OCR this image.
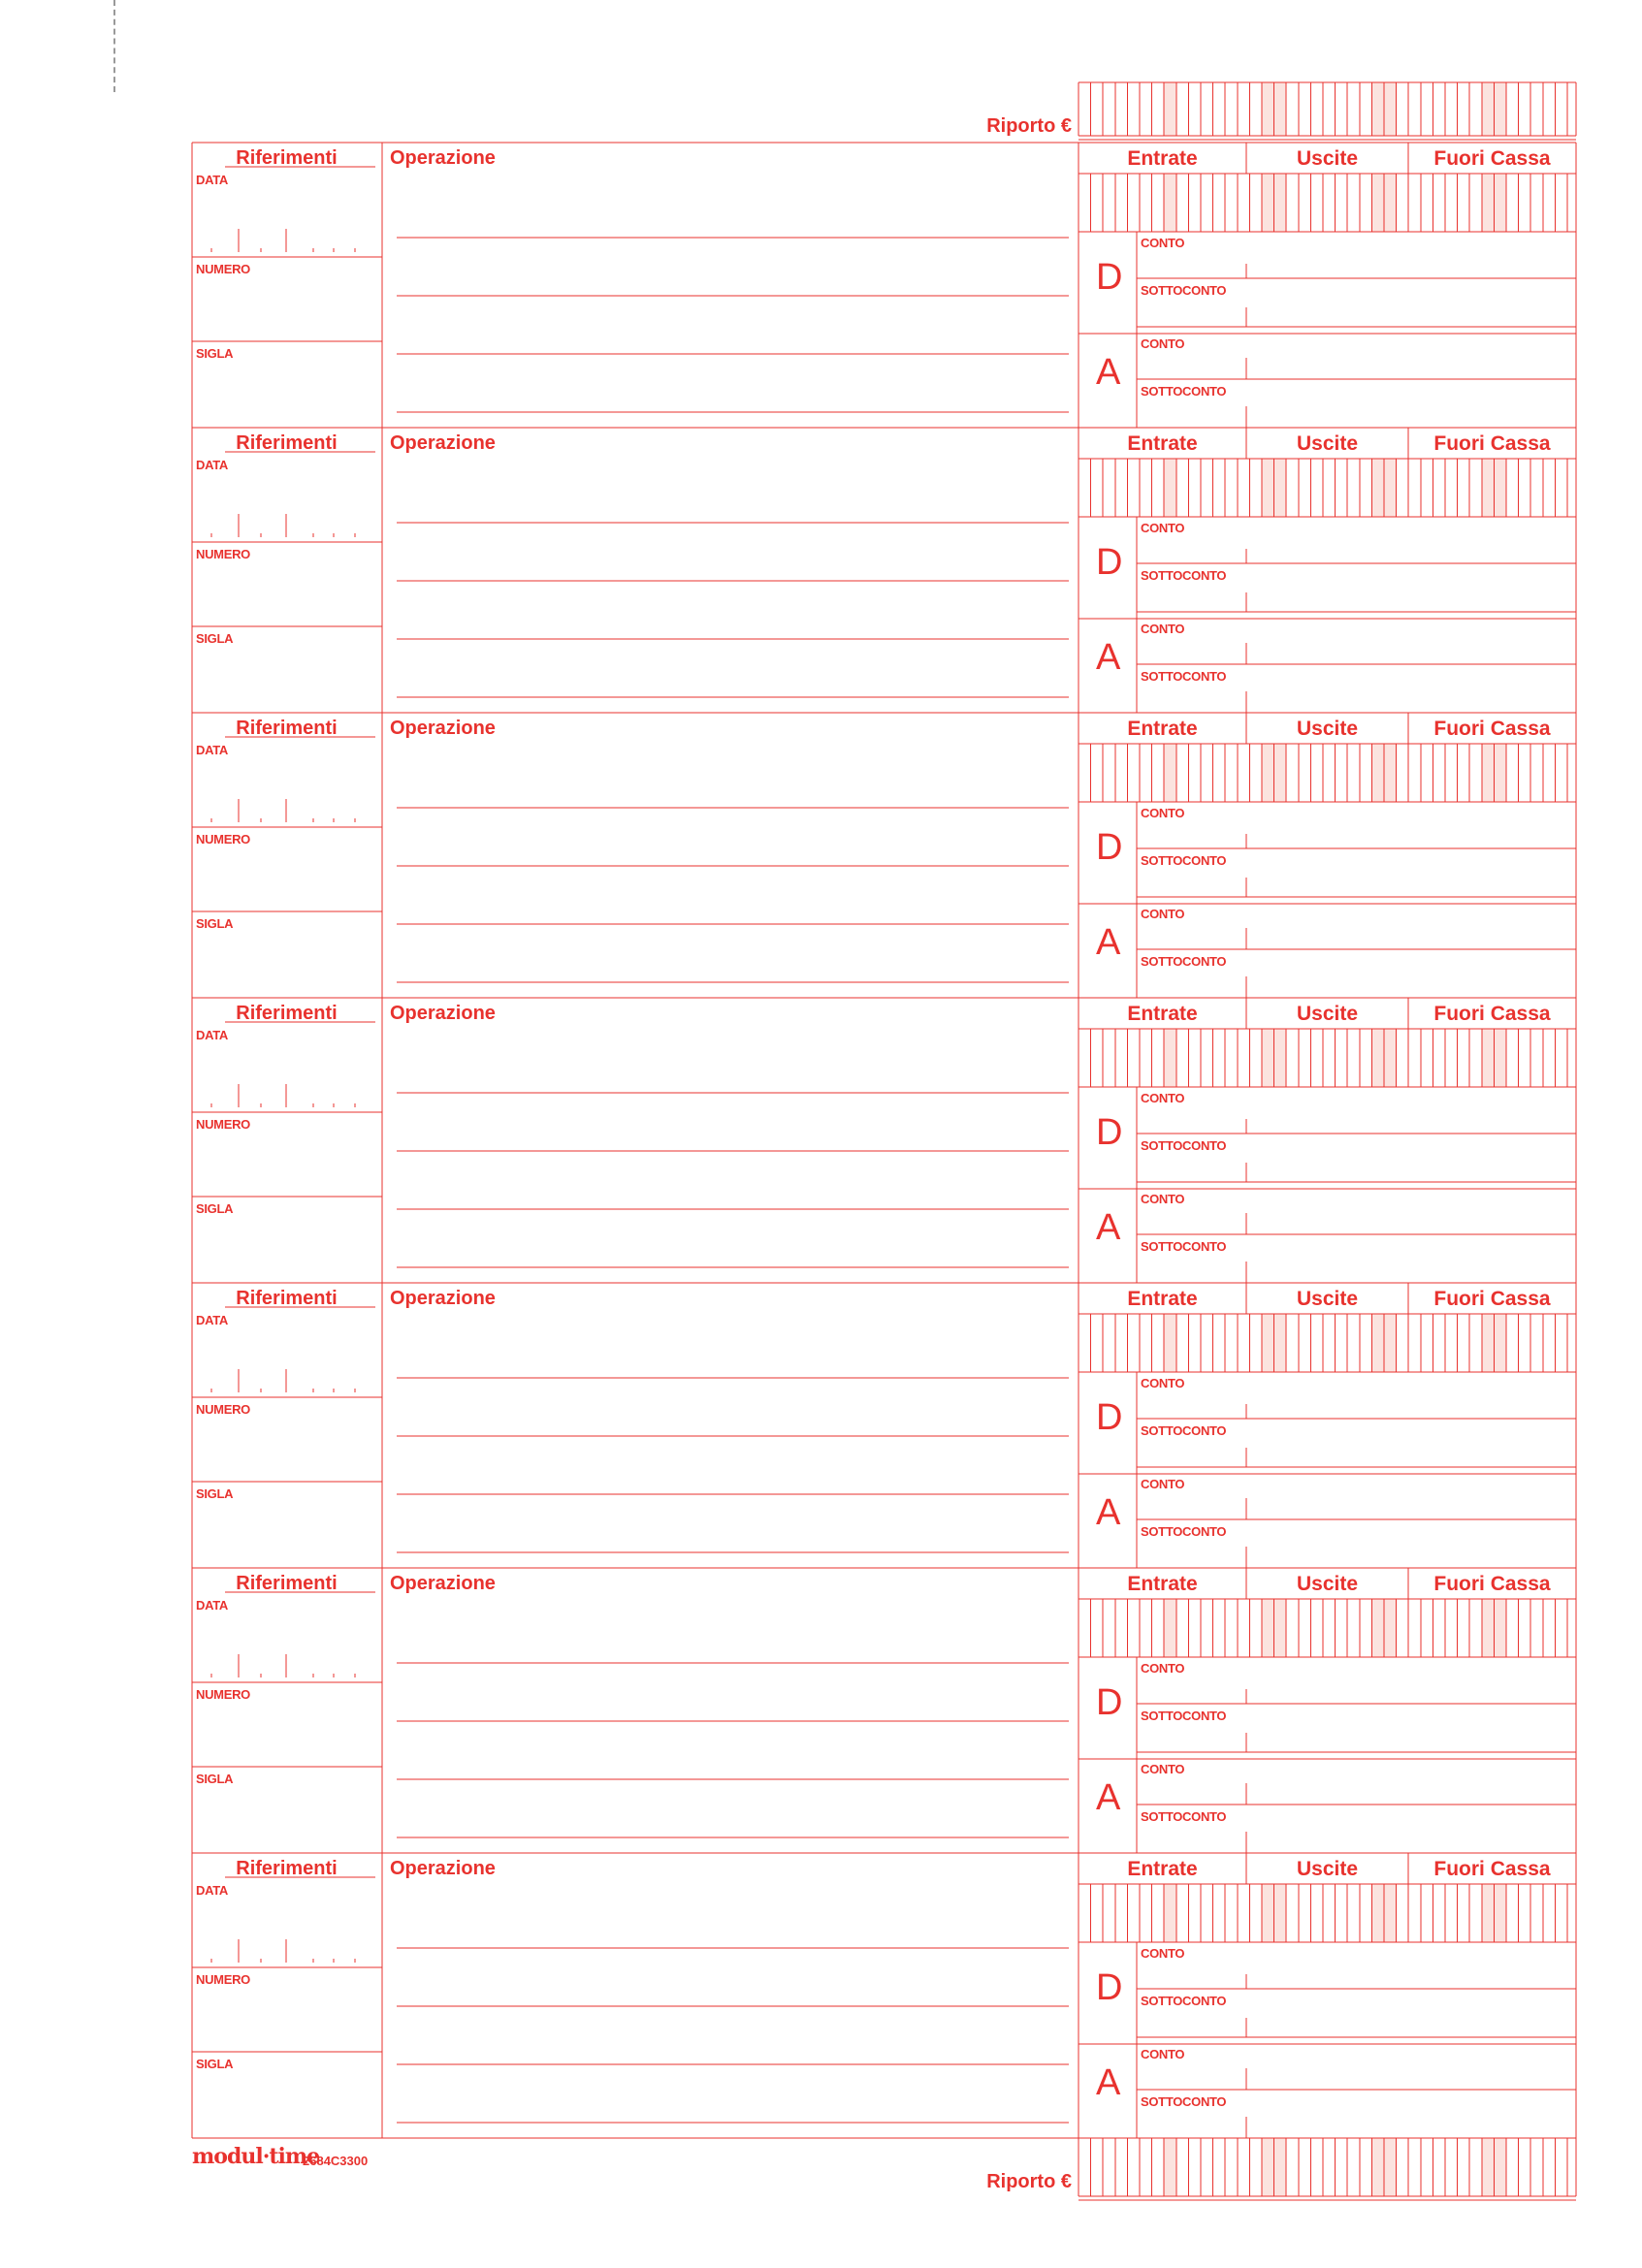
Riporto €
Riporto €
modul·time
2684C3300
Riferimenti	Operazione	Entrate	Uscite	Fuori Cassa
DATA
NUMERO
SIGLA
D
A
CONTO
SOTTOCONTO
CONTO
SOTTOCONTO
Riferimenti	Operazione	Entrate	Uscite	Fuori Cassa
DATA
NUMERO
SIGLA
D
A
CONTO
SOTTOCONTO
CONTO
SOTTOCONTO
Riferimenti	Operazione	Entrate	Uscite	Fuori Cassa
DATA
NUMERO
SIGLA
D
A
CONTO
SOTTOCONTO
CONTO
SOTTOCONTO
Riferimenti	Operazione	Entrate	Uscite	Fuori Cassa
DATA
NUMERO
SIGLA
D
A
CONTO
SOTTOCONTO
CONTO
SOTTOCONTO
Riferimenti	Operazione	Entrate	Uscite	Fuori Cassa
DATA
NUMERO
SIGLA
D
A
CONTO
SOTTOCONTO
CONTO
SOTTOCONTO
Riferimenti	Operazione	Entrate	Uscite	Fuori Cassa
DATA
NUMERO
SIGLA
D
A
CONTO
SOTTOCONTO
CONTO
SOTTOCONTO
Riferimenti	Operazione	Entrate	Uscite	Fuori Cassa
DATA
NUMERO
SIGLA
D
A
CONTO
SOTTOCONTO
CONTO
SOTTOCONTO
